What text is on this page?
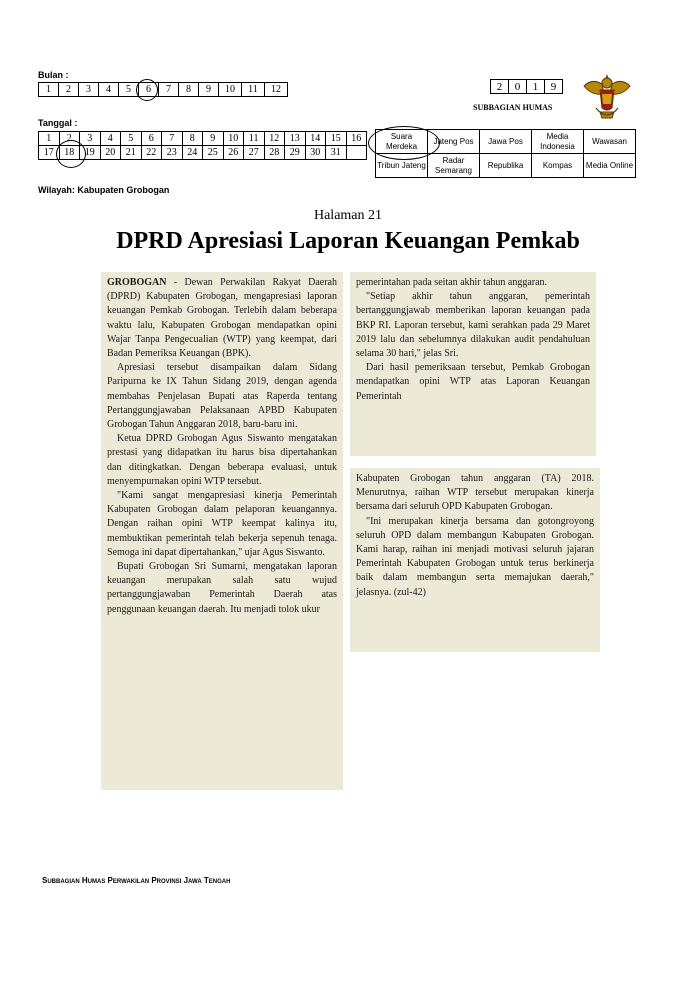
Bulan :
1	2	3	4	5	6	7	8	9	10	11	12
Tanggal :
1	2	3	4	5	6	7	8	9	10	11	12	13	14	15	16
17	18	19	20	21	22	23	24	25	26	27	28	29	30	31	
Wilayah: Kabupaten Grobogan
2	0	1	9
SUBBAGIAN HUMAS
Suara Merdeka	Jateng Pos	Jawa Pos	Media Indonesia	Wawasan
Tribun Jateng	Radar Semarang	Republika	Kompas	Media Online
Halaman 21
DPRD Apresiasi Laporan Keuangan Pemkab

GROBOGAN - Dewan Perwakilan Rakyat Daerah (DPRD) Kabupaten Grobogan, mengapresiasi laporan keuangan Pemkab Grobogan. Terlebih dalam beberapa waktu lalu, Kabupaten Grobogan mendapatkan opini Wajar Tanpa Pengecualian (WTP) yang keempat, dari Badan Pemeriksa Keuangan (BPK).

Apresiasi tersebut disampaikan dalam Sidang Paripurna ke IX Tahun Sidang 2019, dengan agenda membahas Penjelasan Bupati atas Raperda tentang Pertanggungjawaban Pelaksanaan APBD Kabupaten Grobogan Tahun Anggaran 2018, baru-baru ini.

Ketua DPRD Grobogan Agus Siswanto mengatakan prestasi yang didapatkan itu harus bisa dipertahankan dan ditingkatkan. Dengan beberapa evaluasi, untuk menyempurnakan opini WTP tersebut.

"Kami sangat mengapresiasi kinerja Pemerintah Kabupaten Grobogan dalam pelaporan keuangannya. Dengan raihan opini WTP keempat kalinya itu, membuktikan pemerintah telah bekerja sepenuh tenaga. Semoga ini dapat dipertahankan," ujar Agus Siswanto.

Bupati Grobogan Sri Sumarni, mengatakan laporan keuangan merupakan salah satu wujud pertanggungjawaban Pemerintah Daerah atas penggunaan keuangan daerah. Itu menjadi tolok ukur

pemerintahan pada seitan akhir tahun anggaran.

"Setiap akhir tahun anggaran, pemerintah bertanggungjawab memberikan laporan keuangan pada BKP RI. Laporan tersebut, kami serahkan pada 29 Maret 2019 lalu dan sebelumnya dilakukan audit pendahuluan selama 30 hari," jelas Sri.

Dari hasil pemeriksaan tersebut, Pemkab Grobogan mendapatkan opini WTP atas Laporan Keuangan Pemerintah

Kabupaten Grobogan tahun anggaran (TA) 2018. Menurutnya, raihan WTP tersebut merupakan kinerja bersama dari seluruh OPD Kabupaten Grobogan.

"Ini merupakan kinerja bersama dan gotongroyong seluruh OPD dalam membangun Kabupaten Grobogan. Kami harap, raihan ini menjadi motivasi seluruh jajaran Pemerintah Kabupaten Grobogan untuk terus berkinerja baik dalam membangun serta memajukan daerah," jelasnya. (zul-42)

Subbagian Humas Perwakilan Provinsi Jawa Tengah
